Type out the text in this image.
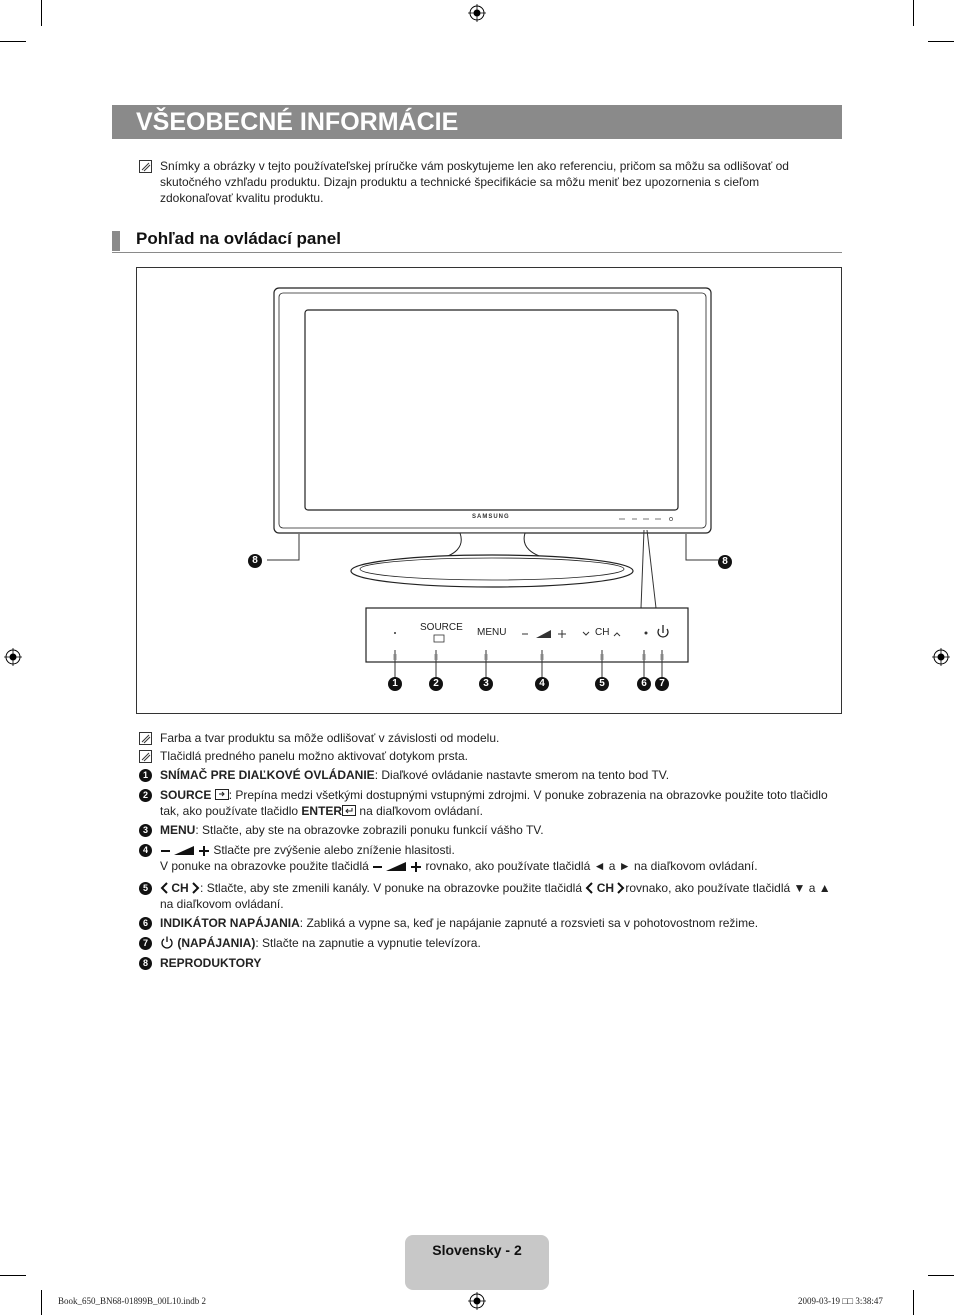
VŠEOBECNÉ INFORMÁCIE
Snímky a obrázky v tejto používateľskej príručke vám poskytujeme len ako referenciu, pričom sa môžu sa odlišovať od skutočného vzhľadu produktu. Dizajn produktu a technické špecifikácie sa môžu meniť bez upozornenia s cieľom zdokonaľovať kvalitu produktu.
Pohľad na ovládací panel
SAMSUNG
SOURCE MENU	CH
8	8
1	2	3	4	5	6	7
Farba a tvar produktu sa môže odlišovať v závislosti od modelu.
Tlačidlá predného panelu možno aktivovať dotykom prsta.
1	SNÍMAČ PRE DIAĽKOVÉ OVLÁDANIE: Diaľkové ovládanie nastavte smerom na tento bod TV.
2	SOURCE : Prepína medzi všetkými dostupnými vstupnými zdrojmi. V ponuke zobrazenia na obrazovke použite toto tlačidlo tak, ako používate tlačidlo ENTER na diaľkovom ovládaní.
3	MENU: Stlačte, aby ste na obrazovke zobrazili ponuku funkcií vášho TV.
4	Stlačte pre zvýšenie alebo zníženie hlasitosti.
V ponuke na obrazovke použite tlačidlá	rovnako, ako používate tlačidlá ◄ a ► na diaľkovom ovládaní.
5	CH : Stlačte, aby ste zmenili kanály. V ponuke na obrazovke použite tlačidlá  CH rovnako, ako používate tlačidlá ▼ a ▲ na diaľkovom ovládaní.
6	INDIKÁTOR NAPÁJANIA: Zabliká a vypne sa, keď je napájanie zapnuté a rozsvieti sa v pohotovostnom režime.
7	(NAPÁJANIA): Stlačte na zapnutie a vypnutie televízora.
8	REPRODUKTORY
Slovensky - 2
Book_650_BN68-01899B_00L10.indb 2	2009-03-19 □□ 3:38:47
